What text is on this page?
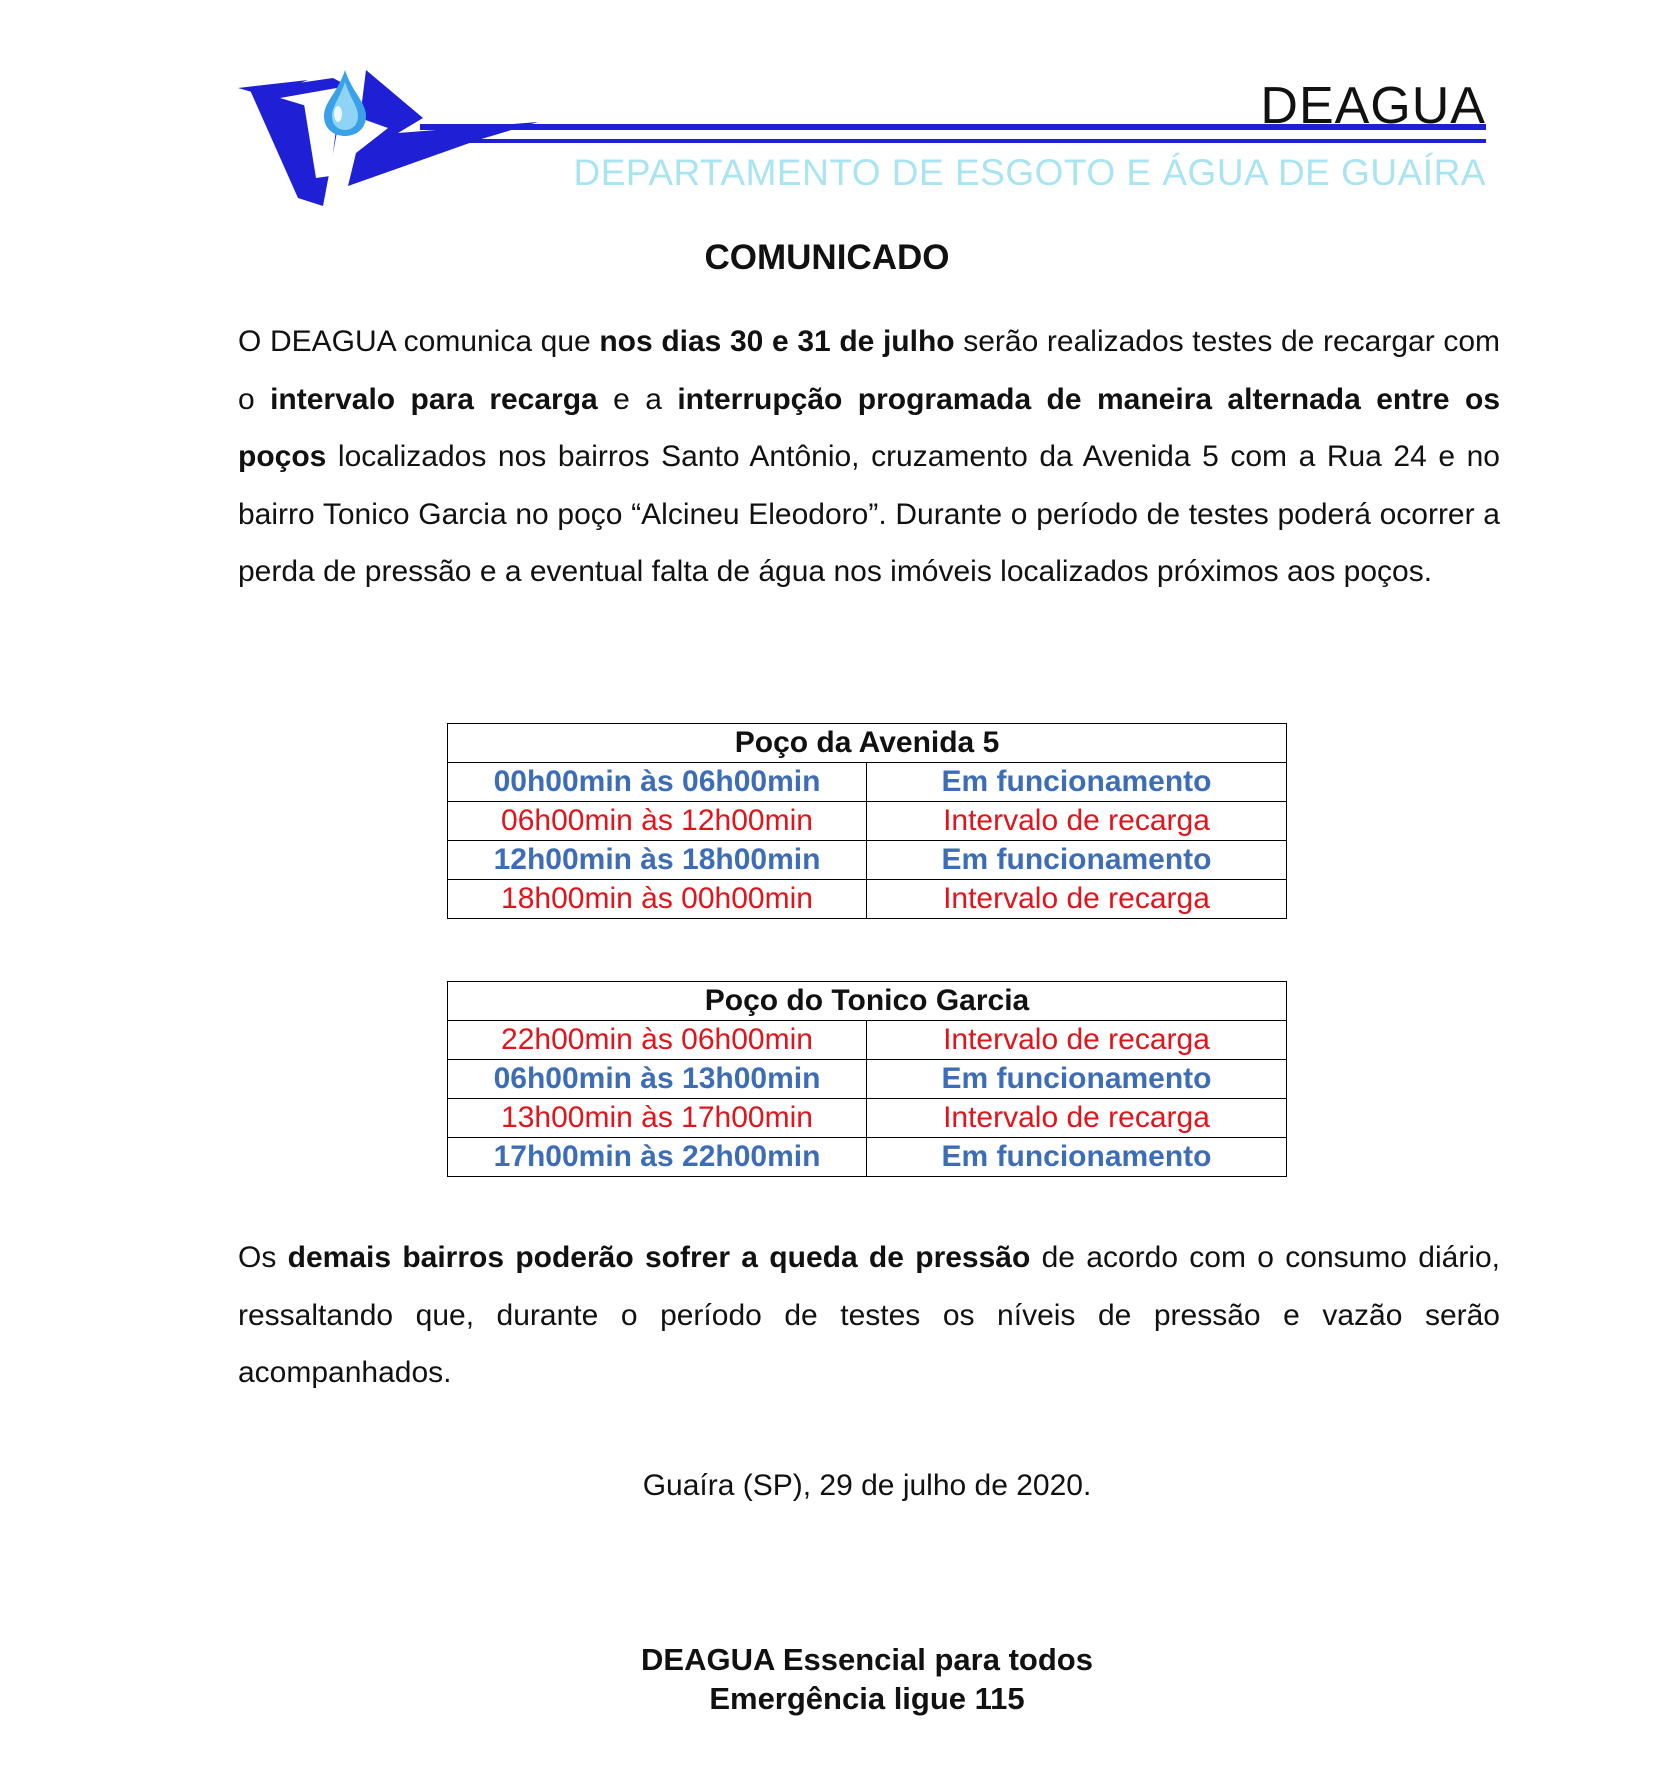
DEAGUA
DEPARTAMENTO DE ESGOTO E ÁGUA DE GUAÍRA
COMUNICADO
O DEAGUA comunica que nos dias 30 e 31 de julho serão realizados testes de recargar com o intervalo para recarga e a interrupção programada de maneira alternada entre os poços localizados nos bairros Santo Antônio, cruzamento da Avenida 5 com a Rua 24 e no bairro Tonico Garcia no poço “Alcineu Eleodoro”. Durante o período de testes poderá ocorrer a perda de pressão e a eventual falta de água nos imóveis localizados próximos aos poços.
Poço da Avenida 5	
00h00min às 06h00min	Em funcionamento
06h00min às 12h00min	Intervalo de recarga
12h00min às 18h00min	Em funcionamento
18h00min às 00h00min	Intervalo de recarga
Poço do Tonico Garcia	
22h00min às 06h00min	Intervalo de recarga
06h00min às 13h00min	Em funcionamento
13h00min às 17h00min	Intervalo de recarga
17h00min às 22h00min	Em funcionamento
Os demais bairros poderão sofrer a queda de pressão de acordo com o consumo diário, ressaltando que, durante o período de testes os níveis de pressão e vazão serão acompanhados.
Guaíra (SP), 29 de julho de 2020.
DEAGUA Essencial para todos
Emergência ligue 115
